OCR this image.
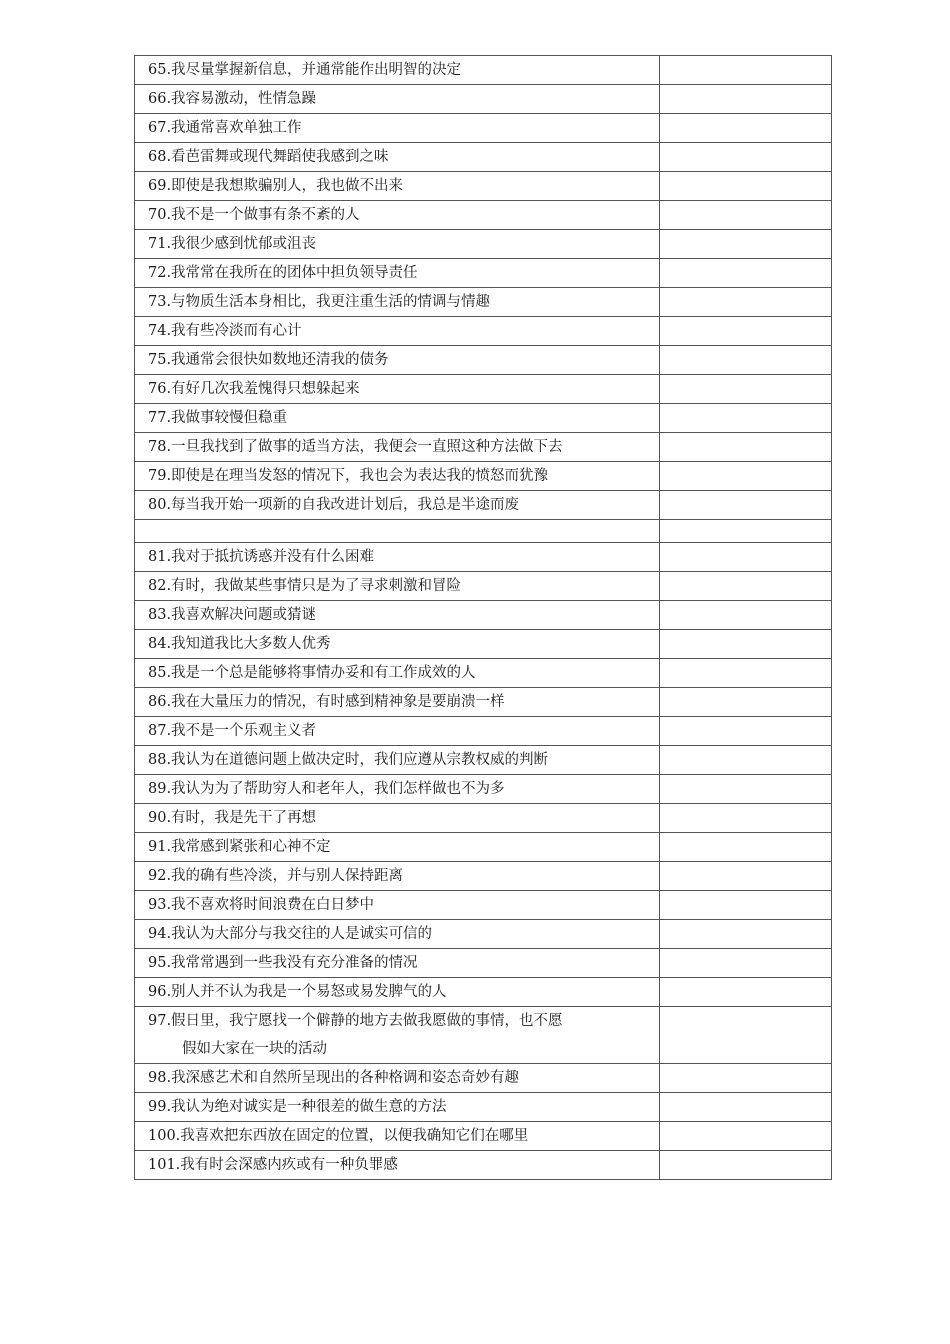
65.我尽量掌握新信息，并通常能作出明智的决定	
66.我容易激动，性情急躁	
67.我通常喜欢单独工作	
68.看芭雷舞或现代舞蹈使我感到之味	
69.即使是我想欺骗别人，我也做不出来	
70.我不是一个做事有条不紊的人	
71.我很少感到忧郁或沮丧	
72.我常常在我所在的团体中担负领导责任	
73.与物质生活本身相比，我更注重生活的情调与情趣	
74.我有些冷淡而有心计	
75.我通常会很快如数地还清我的债务	
76.有好几次我羞愧得只想躲起来	
77.我做事较慢但稳重	
78.一旦我找到了做事的适当方法，我便会一直照这种方法做下去	
79.即使是在理当发怒的情况下，我也会为表达我的愤怒而犹豫	
80.每当我开始一项新的自我改进计划后，我总是半途而废	

81.我对于抵抗诱惑并没有什么困难	
82.有时，我做某些事情只是为了寻求刺激和冒险	
83.我喜欢解决问题或猜谜	
84.我知道我比大多数人优秀	
85.我是一个总是能够将事情办妥和有工作成效的人	
86.我在大量压力的情况，有时感到精神象是要崩溃一样	
87.我不是一个乐观主义者	
88.我认为在道德问题上做决定时，我们应遵从宗教权威的判断	
89.我认为为了帮助穷人和老年人，我们怎样做也不为多	
90.有时，我是先干了再想	
91.我常感到紧张和心神不定	
92.我的确有些冷淡，并与别人保持距离	
93.我不喜欢将时间浪费在白日梦中	
94.我认为大部分与我交往的人是诚实可信的	
95.我常常遇到一些我没有充分准备的情况	
96.别人并不认为我是一个易怒或易发脾气的人	
97.假日里，我宁愿找一个僻静的地方去做我愿做的事情，也不愿
假如大家在一块的活动	

98.我深感艺术和自然所呈现出的各种格调和姿态奇妙有趣	
99.我认为绝对诚实是一种很差的做生意的方法	
100.我喜欢把东西放在固定的位置，以便我确知它们在哪里	
101.我有时会深感内疚或有一种负罪感	
